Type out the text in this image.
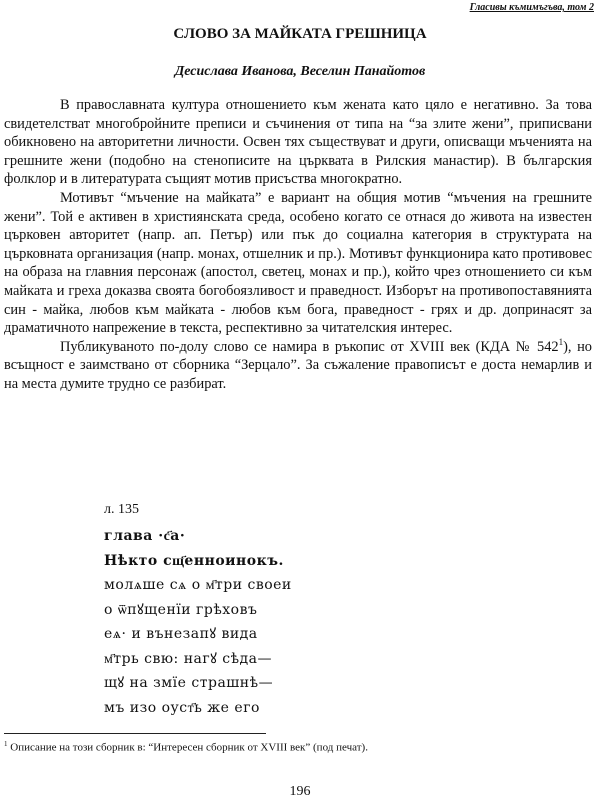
Гласивы къмимъгъва, том 2
СЛОВО ЗА МАЙКАТА ГРЕШНИЦА
Десислава Иванова, Веселин Панайотов

В православната култура отношението към жената като цяло е негативно. За това свидетелстват многобройните преписи и съчинения от типа на “за злите жени”, приписвани обикновено на авторитетни личности. Освен тях съществуват и други, описващи мъченията на грешните жени (подобно на стенописите на църквата в Рилския манастир). В българския фолклор и в литературата същият мотив присъства многократно.

Мотивът “мъчение на майката” е вариант на общия мотив “мъчения на грешните жени”. Той е активен в християнската среда, особено когато се отнася до живота на известен църковен авторитет (напр. ап. Петър) или пък до социална категория в структурата на църковната организация (напр. монах, отшелник и пр.). Мотивът функционира като противовес на образа на главния персонаж (апостол, светец, монах и пр.), който чрез отношението си към майката и греха доказва своята богобоязливост и праведност. Изборът на противопоставянията син - майка, любов към майката - любов към бога, праведност - грях и др. допринасят за драматичното напрежение в текста, респективно за читателския интерес.

Публикуваното по-долу слово се намира в ръкопис от XVIII век (КДА № 542$^1$), но всъщност е заимствано от сборника “Зерцало”. За съжаление правописът е доста немарлив и на места думите трудно се разбират.

л. 135
глава ·с҃а·
Нѣкто сщ҃енноинокъ.
молѧше сѧ о м҃три своеи
о ѿпꙋщенїи грѣховъ
еѧ· и вънезапꙋ вида
м҃трь свю: нагꙋ сѣда—
щꙋ на змїе страшнѣ—
мъ изо оуст҃ь же его
$^1$ Описание на този сборник в: “Интересен сборник от XVIII век” (под печат).
196
